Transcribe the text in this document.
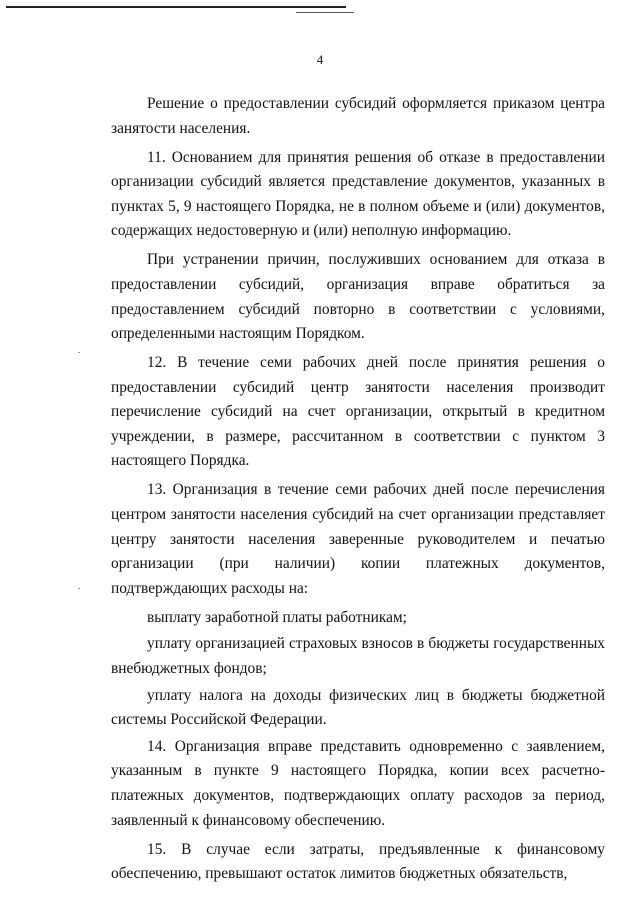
4

Решение о предоставлении субсидий оформляется приказом центра занятости населения.

11. Основанием для принятия решения об отказе в предоставлении организации субсидий является представление документов, указанных в пунктах 5, 9 настоящего Порядка, не в полном объеме и (или) документов, содержащих недостоверную и (или) неполную информацию.

При устранении причин, послуживших основанием для отказа в предоставлении субсидий, организация вправе обратиться за предоставлением субсидий повторно в соответствии с условиями, определенными настоящим Порядком.

12. В течение семи рабочих дней после принятия решения о предоставлении субсидий центр занятости населения производит перечисление субсидий на счет организации, открытый в кредитном учреждении, в размере, рассчитанном в соответствии с пунктом 3 настоящего Порядка.

13. Организация в течение семи рабочих дней после перечисления центром занятости населения субсидий на счет организации представляет центру занятости населения заверенные руководителем и печатью организации (при наличии) копии платежных документов, подтверждающих расходы на:

выплату заработной платы работникам;

уплату организацией страховых взносов в бюджеты государственных внебюджетных фондов;

уплату налога на доходы физических лиц в бюджеты бюджетной системы Российской Федерации.

14. Организация вправе представить одновременно с заявлением, указанным в пункте 9 настоящего Порядка, копии всех расчетно-платежных документов, подтверждающих оплату расходов за период, заявленный к финансовому обеспечению.

15. В случае если затраты, предъявленные к финансовому обеспечению, превышают остаток лимитов бюджетных обязательств,
